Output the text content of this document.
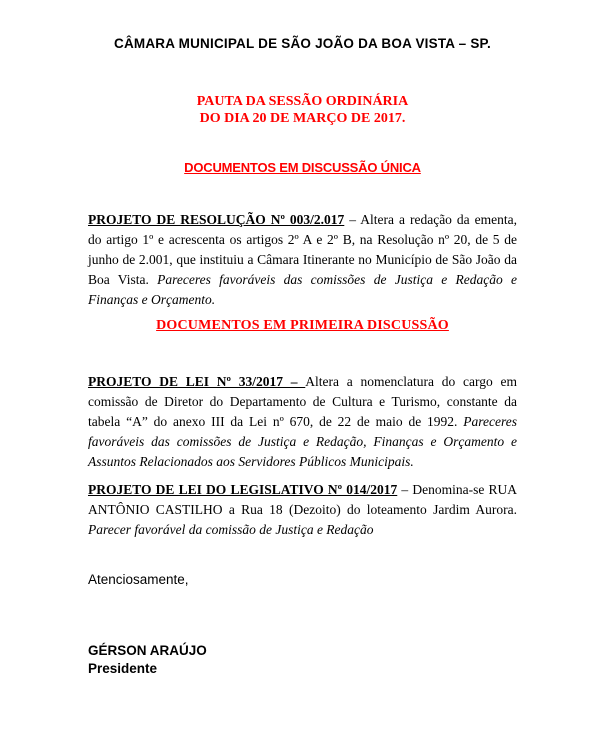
CÂMARA MUNICIPAL DE SÃO JOÃO DA BOA VISTA – SP.
PAUTA DA SESSÃO ORDINÁRIA
DO DIA 20 DE MARÇO DE 2017.
DOCUMENTOS EM DISCUSSÃO ÚNICA

PROJETO DE RESOLUÇÃO Nº 003/2.017 – Altera a redação da ementa, do artigo 1º e acrescenta os artigos 2º A e 2º B, na Resolução nº 20, de 5 de junho de 2.001, que instituiu a Câmara Itinerante no Município de São João da Boa Vista. Pareceres favoráveis das comissões de Justiça e Redação e Finanças e Orçamento.

DOCUMENTOS EM PRIMEIRA DISCUSSÃO

PROJETO DE LEI Nº 33/2017 – Altera a nomenclatura do cargo em comissão de Diretor do Departamento de Cultura e Turismo, constante da tabela “A” do anexo III da Lei nº 670, de 22 de maio de 1992. Pareceres favoráveis das comissões de Justiça e Redação, Finanças e Orçamento e Assuntos Relacionados aos Servidores Públicos Municipais.

PROJETO DE LEI DO LEGISLATIVO Nº 014/2017 – Denomina-se RUA ANTÔNIO CASTILHO a Rua 18 (Dezoito) do loteamento Jardim Aurora. Parecer favorável da comissão de Justiça e Redação

Atenciosamente,
GÉRSON ARAÚJO
Presidente
